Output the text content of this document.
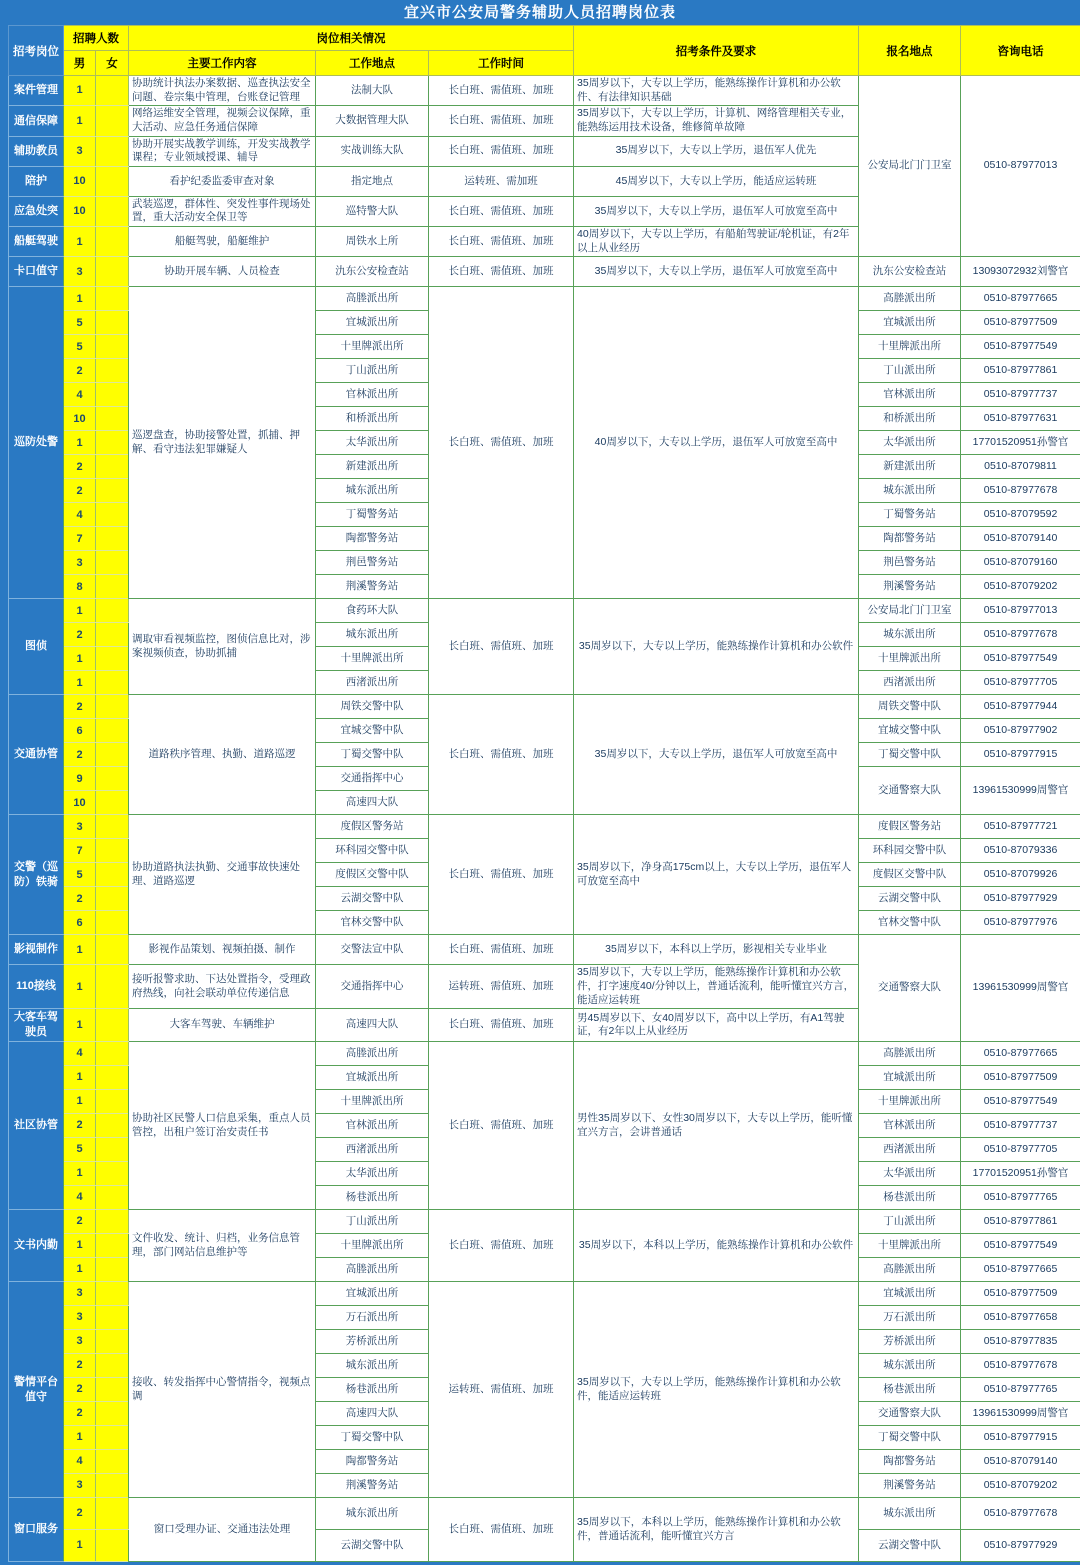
宜兴市公安局警务辅助人员招聘岗位表
招考岗位	招聘人数		岗位相关情况			招考条件及要求	报名地点	咨询电话
	男	女	主要工作内容	工作地点	工作时间			
案件管理	1		协助统计执法办案数据、巡查执法安全问题、卷宗集中管理，台账登记管理	法制大队	长白班、需值班、加班	35周岁以下，大专以上学历，能熟练操作计算机和办公软件、有法律知识基础	公安局北门门卫室	0510-87977013
通信保障	1		网络运维安全管理，视频会议保障，重大活动、应急任务通信保障	大数据管理大队	长白班、需值班、加班	35周岁以下，大专以上学历，计算机、网络管理相关专业，能熟练运用技术设备，维修简单故障		
辅助教员	3		协助开展实战教学训练，开发实战教学课程；专业领域授课、辅导	实战训练大队	长白班、需值班、加班	35周岁以下，大专以上学历，退伍军人优先		
陪护	10		看护纪委监委审查对象	指定地点	运转班、需加班	45周岁以下，大专以上学历，能适应运转班		
应急处突	10		武装巡逻，群体性、突发性事件现场处置，重大活动安全保卫等	巡特警大队	长白班、需值班、加班	35周岁以下，大专以上学历，退伍军人可放宽至高中		
船艇驾驶	1		船艇驾驶，船艇维护	周铁水上所	长白班、需值班、加班	40周岁以下，大专以上学历，有船舶驾驶证/轮机证，有2年以上从业经历		
卡口值守	3		协助开展车辆、人员检查	氿东公安检查站	长白班、需值班、加班	35周岁以下，大专以上学历，退伍军人可放宽至高中	氿东公安检查站	13093072932刘警官
巡防处警	1		巡逻盘查，协助接警处置，抓捕、押解、看守违法犯罪嫌疑人	高塍派出所	长白班、需值班、加班	40周岁以下，大专以上学历，退伍军人可放宽至高中	高塍派出所	0510-87977665
	5			宜城派出所			宜城派出所	0510-87977509
	5			十里牌派出所			十里牌派出所	0510-87977549
	2			丁山派出所			丁山派出所	0510-87977861
	4			官林派出所			官林派出所	0510-87977737
	10			和桥派出所			和桥派出所	0510-87977631
	1			太华派出所			太华派出所	17701520951孙警官
	2			新建派出所			新建派出所	0510-87079811
	2			城东派出所			城东派出所	0510-87977678
	4			丁蜀警务站			丁蜀警务站	0510-87079592
	7			陶都警务站			陶都警务站	0510-87079140
	3			荆邑警务站			荆邑警务站	0510-87079160
	8			荆溪警务站			荆溪警务站	0510-87079202
图侦	1		调取审看视频监控，图侦信息比对，涉案视频侦查，协助抓捕	食药环大队	长白班、需值班、加班	35周岁以下，大专以上学历，能熟练操作计算机和办公软件	公安局北门门卫室	0510-87977013
	2			城东派出所			城东派出所	0510-87977678
	1			十里牌派出所			十里牌派出所	0510-87977549
	1			西渚派出所			西渚派出所	0510-87977705
交通协管	2		道路秩序管理、执勤、道路巡逻	周铁交警中队	长白班、需值班、加班	35周岁以下，大专以上学历，退伍军人可放宽至高中	周铁交警中队	0510-87977944
	6			宜城交警中队			宜城交警中队	0510-87977902
	2			丁蜀交警中队			丁蜀交警中队	0510-87977915
	9			交通指挥中心			交通警察大队	13961530999周警官
	10			高速四大队				
交警（巡防）铁骑	3		协助道路执法执勤、交通事故快速处理、道路巡逻	度假区警务站	长白班、需值班、加班	35周岁以下，净身高175cm以上，大专以上学历，退伍军人可放宽至高中	度假区警务站	0510-87977721
	7			环科园交警中队			环科园交警中队	0510-87079336
	5			度假区交警中队			度假区交警中队	0510-87079926
	2			云湖交警中队			云湖交警中队	0510-87977929
	6			官林交警中队			官林交警中队	0510-87977976
影视制作	1		影视作品策划、视频拍摄、制作	交警法宣中队	长白班、需值班、加班	35周岁以下，本科以上学历，影视相关专业毕业	交通警察大队	13961530999周警官
110接线	1		接听报警求助、下达处置指令，受理政府热线，向社会联动单位传递信息	交通指挥中心	运转班、需值班、加班	35周岁以下，大专以上学历，能熟练操作计算机和办公软件，打字速度40/分钟以上，普通话流利，能听懂宜兴方言，能适应运转班		
大客车驾驶员	1		大客车驾驶、车辆维护	高速四大队	长白班、需值班、加班	男45周岁以下、女40周岁以下，高中以上学历，有A1驾驶证，有2年以上从业经历		
社区协管	4		协助社区民警人口信息采集，重点人员管控，出租户签订治安责任书	高塍派出所	长白班、需值班、加班	男性35周岁以下、女性30周岁以下，大专以上学历，能听懂宜兴方言，会讲普通话	高塍派出所	0510-87977665
	1			宜城派出所			宜城派出所	0510-87977509
	1			十里牌派出所			十里牌派出所	0510-87977549
	2			官林派出所			官林派出所	0510-87977737
	5			西渚派出所			西渚派出所	0510-87977705
	1			太华派出所			太华派出所	17701520951孙警官
	4			杨巷派出所			杨巷派出所	0510-87977765
文书内勤	2		文件收发、统计、归档，业务信息管理，部门网站信息维护等	丁山派出所	长白班、需值班、加班	35周岁以下，本科以上学历，能熟练操作计算机和办公软件	丁山派出所	0510-87977861
	1			十里牌派出所			十里牌派出所	0510-87977549
	1			高塍派出所			高塍派出所	0510-87977665
警情平台值守	3		接收、转发指挥中心警情指令，视频点调	宜城派出所	运转班、需值班、加班	35周岁以下，大专以上学历，能熟练操作计算机和办公软件，能适应运转班	宜城派出所	0510-87977509
	3			万石派出所			万石派出所	0510-87977658
	3			芳桥派出所			芳桥派出所	0510-87977835
	2			城东派出所			城东派出所	0510-87977678
	2			杨巷派出所			杨巷派出所	0510-87977765
	2			高速四大队			交通警察大队	13961530999周警官
	1			丁蜀交警中队			丁蜀交警中队	0510-87977915
	4			陶都警务站			陶都警务站	0510-87079140
	3			荆溪警务站			荆溪警务站	0510-87079202
窗口服务	2		窗口受理办证、交通违法处理	城东派出所	长白班、需值班、加班	35周岁以下，本科以上学历，能熟练操作计算机和办公软件，普通话流利，能听懂宜兴方言	城东派出所	0510-87977678
	1			云湖交警中队			云湖交警中队	0510-87977929
